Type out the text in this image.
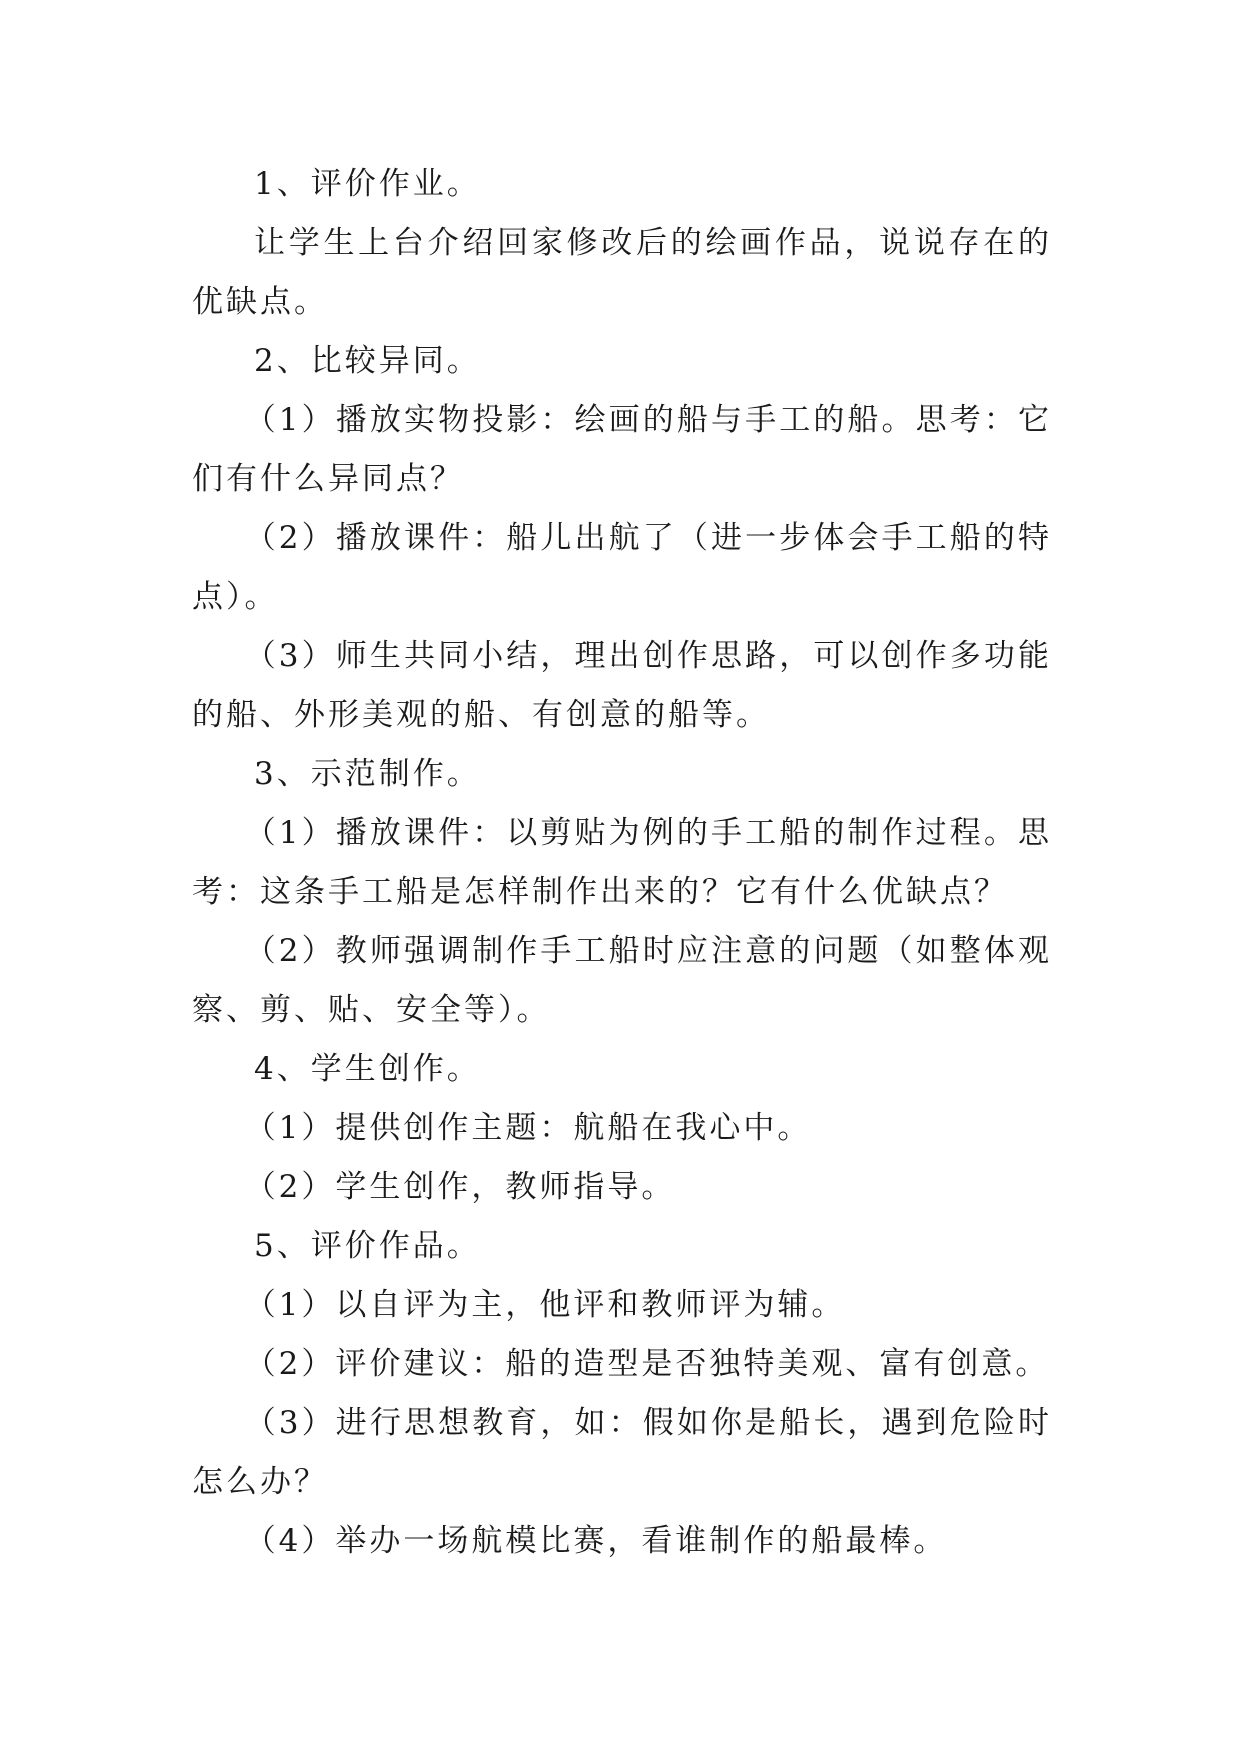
1、评价作业。

让学生上台介绍回家修改后的绘画作品，说说存在的优缺点。

2、比较异同。

（1）播放实物投影：绘画的船与手工的船。思考：它们有什么异同点？

（2）播放课件：船儿出航了（进一步体会手工船的特点）。

（3）师生共同小结，理出创作思路，可以创作多功能的船、外形美观的船、有创意的船等。

3、示范制作。

（1）播放课件：以剪贴为例的手工船的制作过程。思考：这条手工船是怎样制作出来的？它有什么优缺点？

（2）教师强调制作手工船时应注意的问题（如整体观察、剪、贴、安全等）。

4、学生创作。

（1）提供创作主题：航船在我心中。

（2）学生创作，教师指导。

5、评价作品。

（1）以自评为主，他评和教师评为辅。

（2）评价建议：船的造型是否独特美观、富有创意。

（3）进行思想教育，如：假如你是船长，遇到危险时怎么办？

（4）举办一场航模比赛，看谁制作的船最棒。
